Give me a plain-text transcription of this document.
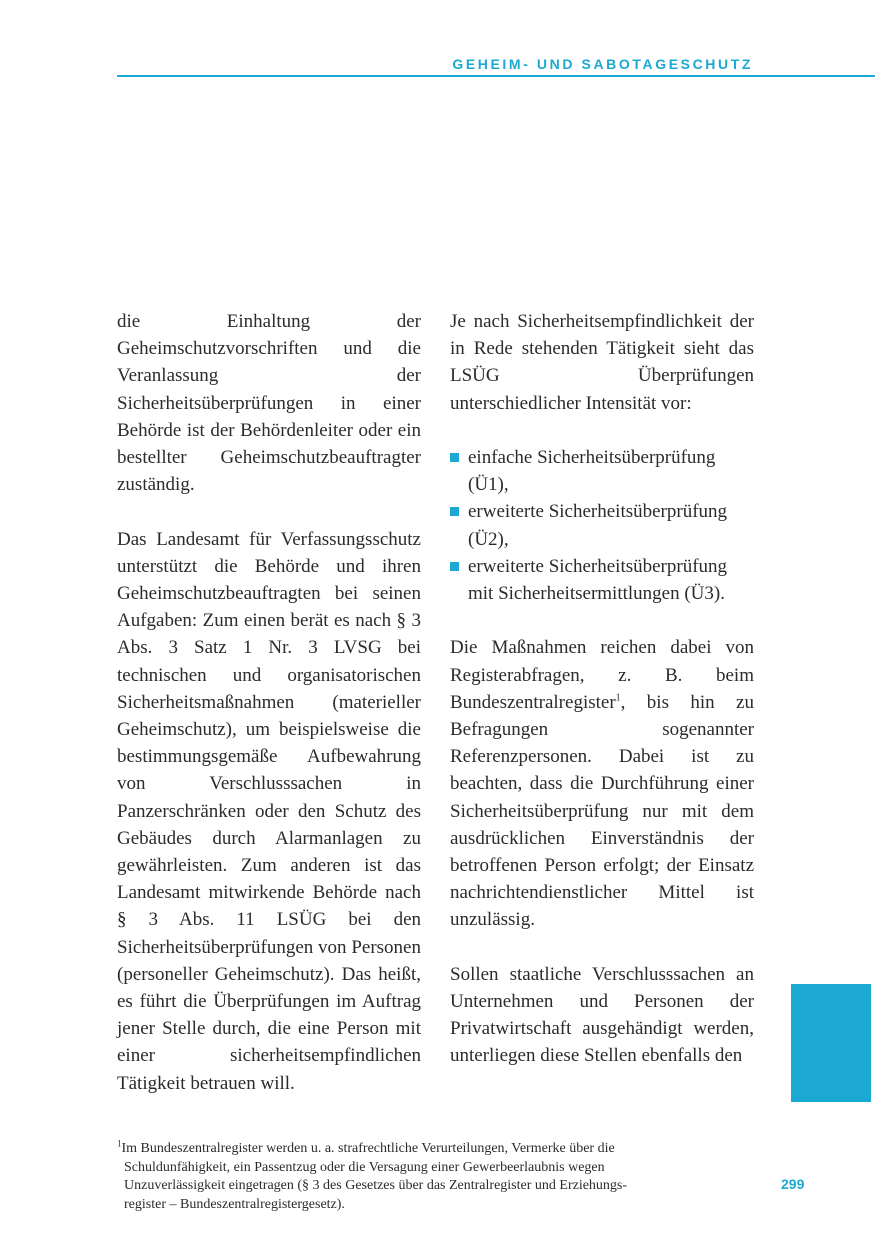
GEHEIM- UND SABOTAGESCHUTZ

die Einhaltung der Geheimschutzvorschriften und die Veranlassung der Sicherheitsüberprüfungen in einer Behörde ist der Behördenleiter oder ein bestellter Geheimschutzbeauftragter zuständig.

Das Landesamt für Verfassungsschutz unterstützt die Behörde und ihren Geheimschutzbeauftragten bei seinen Aufgaben: Zum einen berät es nach § 3 Abs. 3 Satz 1 Nr. 3 LVSG bei technischen und organisatorischen Sicherheitsmaßnahmen (materieller Geheimschutz), um beispielsweise die bestimmungsgemäße Aufbewahrung von Verschlusssachen in Panzerschränken oder den Schutz des Gebäudes durch Alarmanlagen zu gewährleisten. Zum anderen ist das Landesamt mitwirkende Behörde nach § 3 Abs. 11 LSÜG bei den Sicherheitsüberprüfungen von Personen (personeller Geheimschutz). Das heißt, es führt die Überprüfungen im Auftrag jener Stelle durch, die eine Person mit einer sicherheitsempfindlichen Tätigkeit betrauen will.

Je nach Sicherheitsempfindlichkeit der in Rede stehenden Tätigkeit sieht das LSÜG Überprüfungen unterschiedlicher Intensität vor:

einfache Sicherheitsüberprüfung (Ü1),
erweiterte Sicherheitsüberprüfung (Ü2),
erweiterte Sicherheitsüberprüfung mit Sicherheitsermittlungen (Ü3).

Die Maßnahmen reichen dabei von Registerabfragen, z. B. beim Bundeszentralregister$^1$, bis hin zu Befragungen sogenannter Referenzpersonen. Dabei ist zu beachten, dass die Durchführung einer Sicherheitsüberprüfung nur mit dem ausdrücklichen Einverständnis der betroffenen Person erfolgt; der Einsatz nachrichtendienstlicher Mittel ist unzulässig.

Sollen staatliche Verschlusssachen an Unternehmen und Personen der Privatwirtschaft ausgehändigt werden, unterliegen diese Stellen ebenfalls den

$^1$Im Bundeszentralregister werden u. a. strafrechtliche Verurteilungen, Vermerke über die
Schuldunfähigkeit, ein Passentzug oder die Versagung einer Gewerbeerlaubnis wegen
Unzuverlässigkeit eingetragen (§ 3 des Gesetzes über das Zentralregister und Erziehungs-
register – Bundeszentralregistergesetz).
299
